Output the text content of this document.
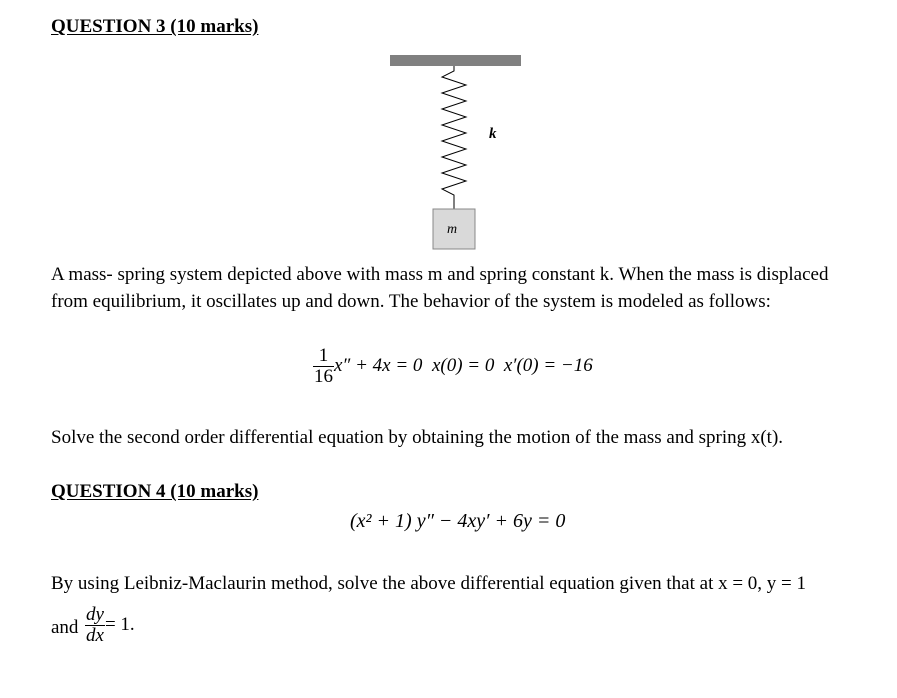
QUESTION 3 (10 marks)
k
m
A mass- spring system depicted above with mass m and spring constant k. When the mass is displaced
from equilibrium, it oscillates up and down. The behavior of the system is modeled as follows:
$\frac{1}{16} x'' + 4x = 0$ x(0) = 0 x′(0) = −16
Solve the second order differential equation by obtaining the motion of the mass and spring x(t).
QUESTION 4 (10 marks)
(x² + 1) y″ − 4xy′ + 6y = 0
By using Leibniz-Maclaurin method, solve the above differential equation given that at x = 0, y = 1
and $\frac{dy}{dx} = 1$.
